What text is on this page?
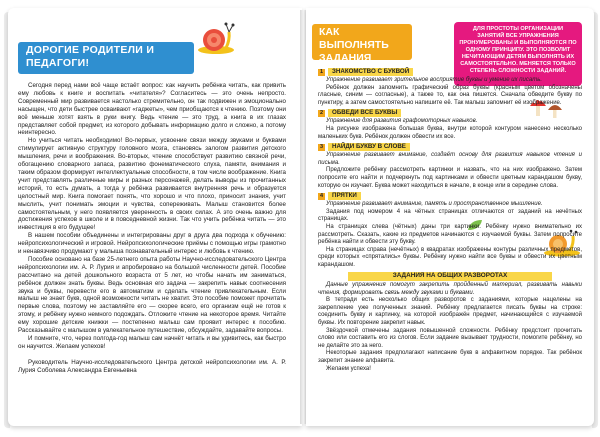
ДОРОГИЕ РОДИТЕЛИ И ПЕДАГОГИ!

Сегодня перед нами всё чаще встаёт вопрос: как научить ребёнка читать, как привить ему любовь к книге и воспитать «читателя»? Согласитесь — это очень непросто. Современный мир развивается настолько стремительно, он так подвижен и эмоционально насыщен, что дети быстрее осваивают «гаджеты», чем приобщаются к чтению. Поэтому они всё меньше хотят взять в руки книгу. Ведь чтение — это труд, а книга в их глазах представляет собой предмет, из которого добывать информацию долго и сложно, а потому неинтересно.

Но учиться читать необходимо! Во-первых, усвоение связи между звуками и буквами стимулирует активную структуру головного мозга, становясь залогом развития детского мышления, речи и воображения. Во-вторых, чтение способствует развитию связной речи, обогащению словарного запаса, развитию фонематического слуха, памяти, внимания и таким образом формирует интеллектуальные способности, в том числе воображение. Книга учит представлять различные миры и разных персонажей, делать выводы из прочитанных историй, то есть думать, а тогда у ребёнка развивается внутренняя речь и образуется целостный мир. Книга помогает понять, что хорошо и что плохо, приносит знания, учит мыслить, учит понимать эмоции и чувства, сопереживать. Малыш становится более самостоятельным, у него появляется уверенность в своих силах. А это очень важно для достижения успехов в школе и в повседневной жизни. Так что учить ребёнка читать — это инвестиция в его будущее!

В нашем пособии объединены и интегрированы друг в друга два подхода к обучению: нейропсихологический и игровой. Нейропсихологические приёмы с помощью игры грамотно и ненавязчиво продумают у малыша познавательный интерес и любовь к чтению.

Пособие основано на базе 25-летнего опыта работы Научно-исследовательского Центра нейропсихологии им. А. Р. Лурия и апробировано на большой численности детей. Пособие рассчитано на детей дошкольного возраста от 5 лет, но чтобы начать им заниматься, ребёнок должен знать буквы. Ведь основная его задача — закрепить навык соотнесения звука и буквы, перевести его в автоматизм и сделать чтение привлекательным. Если малыш не знает букв, одной возможности читать не хватит. Это пособие поможет прочитать первые слова, поэтому не заставляйте его — скорее всего, его организм ещё не готов к этому, и ребёнку нужно немного подождать. Отложите чтение на некоторое время. Читайте ему хорошие детские книжки — постепенно малыш сам проявит интерес к пособию. Рассказывайте с малышом в увлекательное путешествие, обсуждайте, задавайте вопросы.

И помните, что, через полгода-год малыш сам начнёт читать и вы удивитесь, как быстро он научится. Желаем успехов!

Руководитель Научно-исследовательского Центра детской нейропсихологии им. А. Р. Лурия Соболева Александра Евгеньевна

КАК ВЫПОЛНЯТЬ ЗАДАНИЯ
ДЛЯ ПРОСТОТЫ ОРГАНИЗАЦИИ ЗАНЯТИЙ ВСЕ УПРАЖНЕНИЯ ПРОНУМЕРОВАНЫ И ВЫПОЛНЯЮТСЯ ПО ОДНОМУ ПРИНЦИПУ. ЭТО ПОЗВОЛИТ НЕЧИТАЮЩИМ ДЕТЯМ ВЫПОЛНЯТЬ ИХ САМОСТОЯТЕЛЬНО. МЕНЯЕТСЯ ТОЛЬКО СТЕПЕНЬ СЛОЖНОСТИ ЗАДАНИЙ.
1	ЗНАКОМСТВО С БУКВОЙ

Упражнение развивает зрительное восприятие буквы и умение их писать.

Ребёнок должен запомнить графический образ буквы (красным цветом обозначены гласные, синим — согласные), а также то, как она пишется. Сначала обведите букву по пунктиру, а затем самостоятельно напишите её. Так малыш запомнит её изображение.

2	ОБВЕДИ ВСЕ БУКВЫ

Упражнение для развития графомоторных навыков.

На рисунке изображена большая буква, внутри которой контуром нанесено несколько маленьких букв. Ребёнок должен обвести их все.

3	НАЙДИ БУКВУ В СЛОВЕ

Упражнение развивает внимание, создаёт основу для развития навыков чтения и письма.

Предложите ребёнку рассмотреть картинки и назвать, что на них изображено. Затем попросите его найти и подчеркнуть под картинками и обвести цветным карандашом букву, которую он изучает. Буква может находиться в начале, в конце или в середине слова.

4	ПРЯТКИ

Упражнение развивает внимание, память и пространственное мышление.

Задания под номером 4 на чётных страницах отличаются от заданий на нечётных страницах.

На страницах слева (чётных) даны три картинки. Ребёнку нужно внимательно их рассмотреть. Сказать, какие из предметов начинаются с изучаемой буквы. Затем попросите ребёнка найти и обвести эту букву.

На страницах справа (нечётных) в квадратах изображены контуры различных предметов, среди которых «спрятались» буквы. Ребёнку нужно найти все буквы и обвести их цветным карандашом.

ЗАДАНИЯ НА ОБЩИХ РАЗВОРОТАХ

Данные упражнения помогут закрепить пройденный материал, развивать навыки чтения, формировать связь между звуками и буквами.

В тетради есть несколько общих разворотов с заданиями, которые нацелены на закрепление уже полученных знаний. Ребёнку предлагается писать буквы на строке: соединить букву и картинку, на которой изображён предмет, начинающийся с изучаемой буквы. Их повторение закрепит навык.

Звёздочкой отмечены задания повышенной сложности. Ребёнку предстоит прочитать слово или составить его из слогов. Если задание вызывает трудности, помогите ребёнку, но не делайте это за него.

Некоторые задания предполагают написание букв в алфавитном порядке. Так ребёнок закрепит знание алфавита.

Желаем успеха!
